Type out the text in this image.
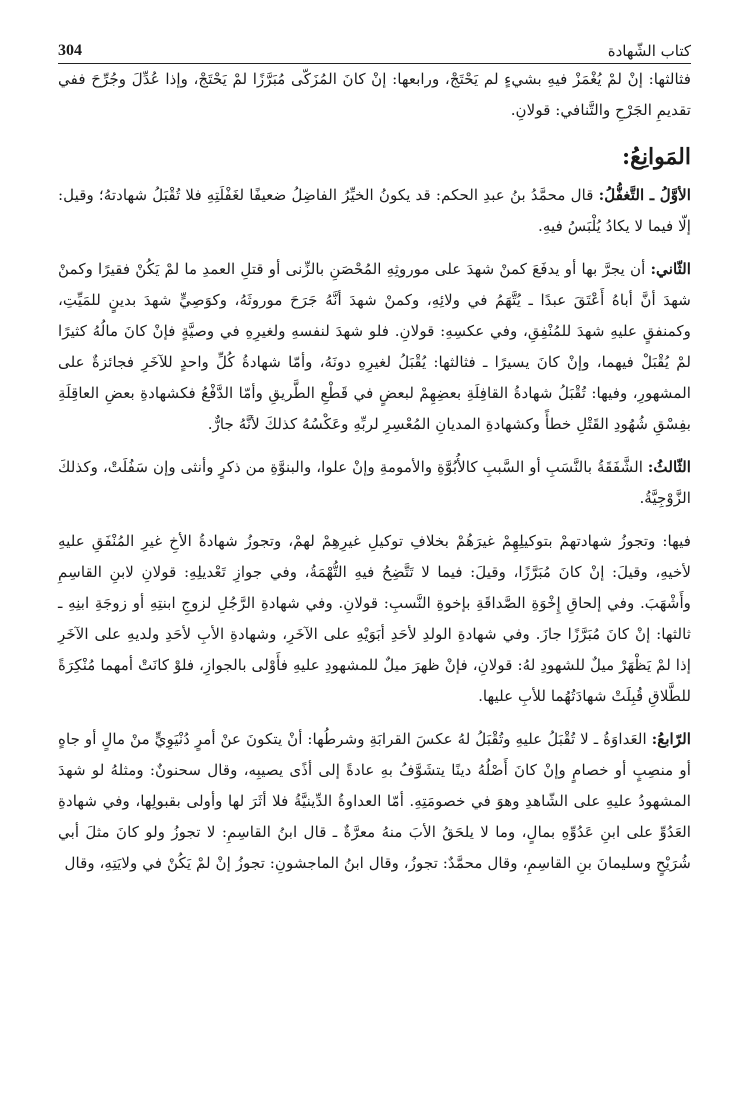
304	كتاب الشّهادة

فثالثها: إنْ لمْ يُغْمَزْ فيهِ بشيءٍ لم يَحْتَجْ، ورابعها: إنْ كانَ المُزَكّى مُبَرَّزًا لمْ يَحْتَجْ، وإذا عُدِّلَ وجُرِّحَ ففي تقديمِ الجَرْحِ والتَّنافي: قولانِ.

المَوانِعُ:

الأوَّلُ ـ التَّغفُّلُ: قال محمَّدُ بنُ عبدِ الحكم: قد يكونُ الخيِّرُ الفاضِلُ ضعيفًا لغَفْلَتِهِ فلا تُقْبَلُ شهادتهُ؛ وقيل: إلّا فيما لا يكادُ يُلْبَسُ فيهِ.

الثّاني: أن يجرَّ بها أو يدفَعَ كمنْ شهدَ على موروثِهِ المُحْصَنِ بالزِّنى أو قتلِ العمدِ ما لمْ يَكُنْ فقيرًا وكمنْ شهدَ أنَّ أباهُ أَعْتَقَ عبدًا ـ يُتَّهَمُ في ولائِهِ، وكمنْ شهدَ أنَّهُ جَرَحَ موروثَهُ، وكوَصِيٍّ شهدَ بدينٍ للمَيِّتِ، وكمنفقٍ عليهِ شهدَ للمُنْفِقِ، وفي عكسِهِ: قولانِ. فلو شهدَ لنفسهِ ولغيرِهِ في وصيَّةٍ فإنْ كانَ مالُهُ كثيرًا لمْ يُقْبَلْ فيهما، وإنْ كانَ يسيرًا ـ فثالثها: يُقْبَلُ لغيرِهِ دونَهُ، وأمّا شهادةُ كُلِّ واحدٍ للآخَرِ فجائزةٌ على المشهورِ، وفيها: تُقْبَلُ شهادةُ القافِلَةِ بعضِهِمْ لبعضٍ في قَطْعِ الطَّريقِ وأمّا الدَّفْعُ فكشهادةِ بعضِ العاقِلَةِ بفِسْقِ شُهُودِ القَتْلِ خطأً وكشهادةِ المديانِ المُعْسِرِ لربِّهِ وعَكْسُهُ كذلكَ لأنَّهُ جارٌّ.

الثّالثُ: الشَّفَقَةُ بالنَّسَبِ أو السَّببِ كالأُبُوَّةِ والأمومةِ وإنْ علوا، والبنوَّةِ من ذكرٍ وأنثى وإن سَفُلَتْ، وكذلكَ الزَّوْجِيَّةُ.

فيها: وتجوزُ شهادتهمْ بتوكيلِهِمْ غيرَهُمْ بخلافِ توكيلِ غيرِهِمْ لهمْ، وتجوزُ شهادةُ الأخِ غيرِ المُنْفَقِ عليهِ لأخيهِ، وقيلَ: إنْ كانَ مُبَرَّزًا، وقيلَ: فيما لا تَتَّضِحُ فيهِ التُّهْمَةُ، وفي جوازِ تَعْديلِهِ: قولانِ لابنِ القاسِمِ وأَشْهَبَ. وفي إلحاقِ إِخْوَةِ الصَّداقَةِ بإخوةِ النَّسبِ: قولانِ. وفي شهادةِ الرَّجُلِ لزوجِ ابنتِهِ أو زوجَةِ ابنِهِ ـ ثالثها: إنْ كانَ مُبَرَّزًا جازَ. وفي شهادةِ الولدِ لأحَدِ أبَوَيْهِ على الآخَرِ، وشهادةِ الأبِ لأحَدِ ولديهِ على الآخَرِ إذا لمْ يَظْهَرْ ميلٌ للشهودِ لهُ: قولانِ، فإنْ ظهرَ ميلٌ للمشهودِ عليهِ فأَوْلى بالجوازِ، فلوْ كانَتْ أمهما مُنْكِرَةً للطَّلاقِ قُبِلَتْ شهادَتُهُما للأبِ عليها.

الرّابعُ: العَداوَةُ ـ لا تُقْبَلُ عليهِ وتُقْبَلُ لهُ عكسَ القرابَةِ وشرطُها: أنْ يتكونَ عنْ أمرٍ دُنْيَوِيٍّ منْ مالٍ أو جاهٍ أو منصِبٍ أو خصامٍ وإنْ كانَ أَصْلُهُ دينًا يتشَوَّفُ بهِ عادةً إلى أذًى يصيبِه، وقال سحنونٌ: ومثلهُ لو شهدَ المشهودُ عليهِ على الشّاهدِ وهوَ في خصومَتِهِ. أمّا العداوةُ الدِّينيَّةُ فلا أثَرَ لها وأولى بقبولِها، وفي شهادةِ العَدُوِّ على ابنِ عَدُوِّهِ بمالٍ، وما لا يلحَقُ الأبَ منهُ معرَّةٌ ـ قال ابنُ القاسِمِ: لا تجوزُ ولو كانَ مثلَ أبي شُرَيْحٍ وسليمانَ بنِ القاسِمِ، وقال محمَّدٌ: تجوزُ، وقال ابنُ الماجشونِ: تجوزُ إنْ لمْ يَكُنْ في ولايَتِهِ، وقال
